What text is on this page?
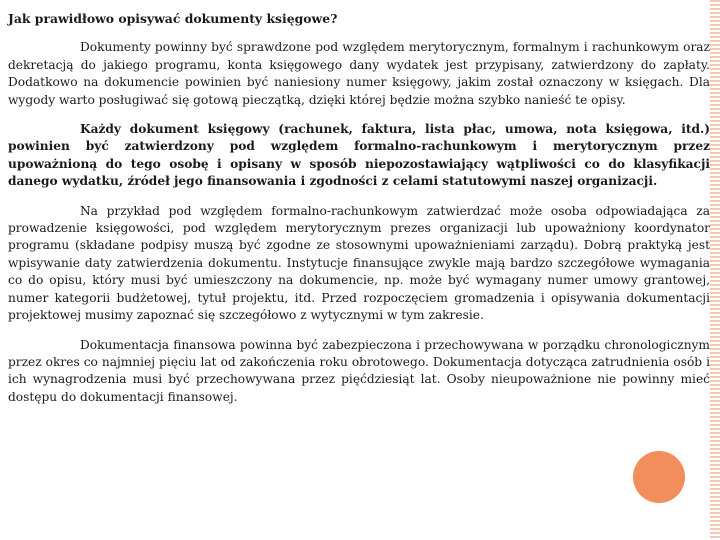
Jak prawidłowo opisywać dokumenty księgowe?

Dokumenty powinny być sprawdzone pod względem merytorycznym, formalnym i rachunkowym oraz dekretacją do jakiego programu, konta księgowego dany wydatek jest przypisany, zatwierdzony do zapłaty. Dodatkowo na dokumencie powinien być naniesiony numer księgowy, jakim został oznaczony w księgach. Dla wygody warto posługiwać się gotową pieczątką, dzięki której będzie można szybko nanieść te opisy.

Każdy dokument księgowy (rachunek, faktura, lista płac, umowa, nota księgowa, itd.) powinien być zatwierdzony pod względem formalno-rachunkowym i merytorycznym przez upoważnioną do tego osobę i opisany w sposób niepozostawiający wątpliwości co do klasyfikacji danego wydatku, źródeł jego finansowania i zgodności z celami statutowymi naszej organizacji.

Na przykład pod względem formalno-rachunkowym zatwierdzać może osoba odpowiadająca za prowadzenie księgowości, pod względem merytorycznym prezes organizacji lub upoważniony koordynator programu (składane podpisy muszą być zgodne ze stosownymi upoważnieniami zarządu). Dobrą praktyką jest wpisywanie daty zatwierdzenia dokumentu. Instytucje finansujące zwykle mają bardzo szczegółowe wymagania co do opisu, który musi być umieszczony na dokumencie, np. może być wymagany numer umowy grantowej, numer kategorii budżetowej, tytuł projektu, itd. Przed rozpoczęciem gromadzenia i opisywania dokumentacji projektowej musimy zapoznać się szczegółowo z wytycznymi w tym zakresie.

Dokumentacja finansowa powinna być zabezpieczona i przechowywana w porządku chronologicznym przez okres co najmniej pięciu lat od zakończenia roku obrotowego. Dokumentacja dotycząca zatrudnienia osób i ich wynagrodzenia musi być przechowywana przez pięćdziesiąt lat. Osoby nieupoważnione nie powinny mieć dostępu do dokumentacji finansowej.
